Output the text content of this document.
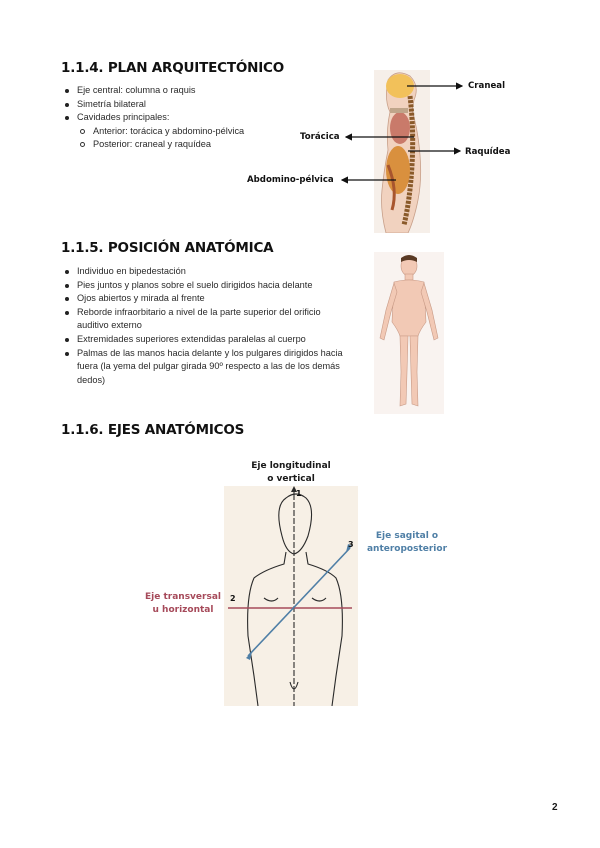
1.1.4. PLAN ARQUITECTÓNICO
Eje central: columna o raquis
Simetría bilateral
Cavidades principales:
Anterior: torácica y abdomino-pélvica
Posterior: craneal y raquídea
Craneal
Torácica
Raquídea
Abdomino-pélvica
1.1.5. POSICIÓN ANATÓMICA
Individuo en bipedestación
Pies juntos y planos sobre el suelo dirigidos hacia delante
Ojos abiertos y mirada al frente
Reborde infraorbitario a nivel de la parte superior del orificio auditivo externo
Extremidades superiores extendidas paralelas al cuerpo
Palmas de las manos hacia delante y los pulgares dirigidos hacia fuera (la yema del pulgar girada 90º respecto a las de los demás dedos)
1.1.6. EJES ANATÓMICOS
Eje longitudinal
o vertical
Eje sagital o
anteroposterior
Eje transversal
u horizontal
1
3
2
2
